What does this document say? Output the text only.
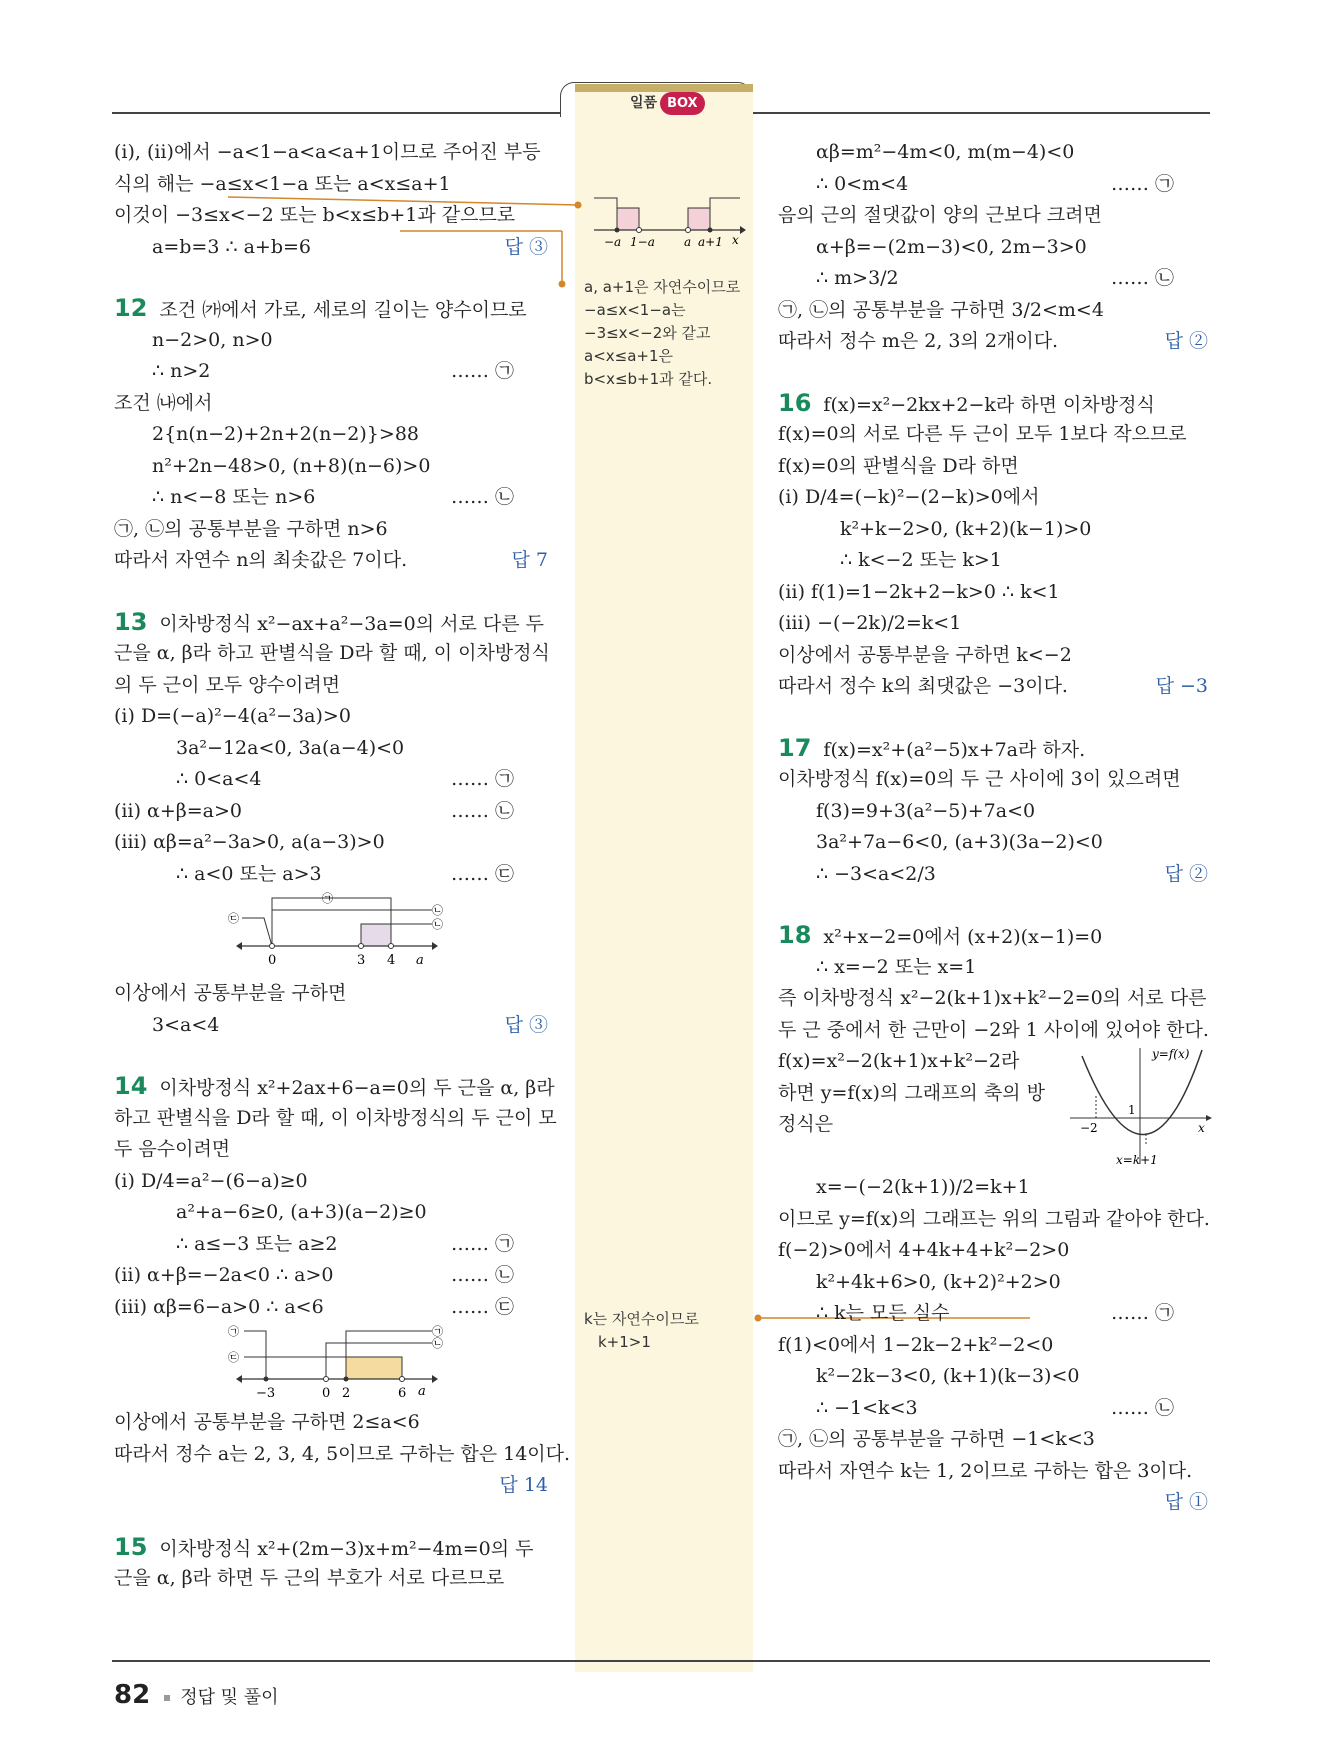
일품 BOX
−a 1−a a a+1 x
a, a+1은 자연수이므로
−a≤x<1−a는
−3≤x<−2와 같고
a<x≤a+1은
b<x≤b+1과 같다.
k는 자연수이므로
k+1>1
(ⅰ), (ⅱ)에서 −a<1−a<a<a+1이므로 주어진 부등
식의 해는 −a≤x<1−a 또는 a<x≤a+1
이것이 −3≤x<−2 또는 b<x≤b+1과 같으므로
a=b=3 ∴ a+b=6	답 ③
12 조건 ㈎에서 가로, 세로의 길이는 양수이므로
n−2>0, n>0
∴ n>2	…… ㉠
조건 ㈏에서
2{n(n−2)+2n+2(n−2)}>88
n²+2n−48>0, (n+8)(n−6)>0
∴ n<−8 또는 n>6	…… ㉡
㉠, ㉡의 공통부분을 구하면 n>6
따라서 자연수 n의 최솟값은 7이다.	답 7
13 이차방정식 x²−ax+a²−3a=0의 서로 다른 두
근을 α, β라 하고 판별식을 D라 할 때, 이 이차방정식
의 두 근이 모두 양수이려면
(ⅰ) D=(−a)²−4(a²−3a)>0
3a²−12a<0, 3a(a−4)<0
∴ 0<a<4	…… ㉠
(ⅱ) α+β=a>0	…… ㉡
(ⅲ) αβ=a²−3a>0, a(a−3)>0
∴ a<0 또는 a>3	…… ㉢
㉠
㉡
㉢	㉡
0	3 4 a
이상에서 공통부분을 구하면
3<a<4	답 ③
14 이차방정식 x²+2ax+6−a=0의 두 근을 α, β라
하고 판별식을 D라 할 때, 이 이차방정식의 두 근이 모
두 음수이려면
(ⅰ) D/4=a²−(6−a)≥0
a²+a−6≥0, (a+3)(a−2)≥0
∴ a≤−3 또는 a≥2	…… ㉠
(ⅱ) α+β=−2a<0 ∴ a>0	…… ㉡
(ⅲ) αβ=6−a>0 ∴ a<6	…… ㉢
㉠	㉠
㉡
㉢
−3	0 2	6 a
이상에서 공통부분을 구하면 2≤a<6
따라서 정수 a는 2, 3, 4, 5이므로 구하는 합은 14이다.
답 14
15 이차방정식 x²+(2m−3)x+m²−4m=0의 두
근을 α, β라 하면 두 근의 부호가 서로 다르므로
αβ=m²−4m<0, m(m−4)<0
∴ 0<m<4	…… ㉠
음의 근의 절댓값이 양의 근보다 크려면
α+β=−(2m−3)<0, 2m−3>0
∴ m>3/2	…… ㉡
㉠, ㉡의 공통부분을 구하면 3/2<m<4
따라서 정수 m은 2, 3의 2개이다.	답 ②
16 f(x)=x²−2kx+2−k라 하면 이차방정식
f(x)=0의 서로 다른 두 근이 모두 1보다 작으므로
f(x)=0의 판별식을 D라 하면
(ⅰ) D/4=(−k)²−(2−k)>0에서
k²+k−2>0, (k+2)(k−1)>0
∴ k<−2 또는 k>1
(ⅱ) f(1)=1−2k+2−k>0 ∴ k<1
(ⅲ) −(−2k)/2=k<1
이상에서 공통부분을 구하면 k<−2
따라서 정수 k의 최댓값은 −3이다.	답 −3
17 f(x)=x²+(a²−5)x+7a라 하자.
이차방정식 f(x)=0의 두 근 사이에 3이 있으려면
f(3)=9+3(a²−5)+7a<0
3a²+7a−6<0, (a+3)(3a−2)<0
∴ −3<a<2/3	답 ②
18 x²+x−2=0에서 (x+2)(x−1)=0
∴ x=−2 또는 x=1
즉 이차방정식 x²−2(k+1)x+k²−2=0의 서로 다른
두 근 중에서 한 근만이 −2와 1 사이에 있어야 한다.
f(x)=x²−2(k+1)x+k²−2라
하면 y=f(x)의 그래프의 축의 방
정식은
y=f(x)
−2
1
x
x=k+1
x=−(−2(k+1))/2=k+1
이므로 y=f(x)의 그래프는 위의 그림과 같아야 한다.
f(−2)>0에서 4+4k+4+k²−2>0
k²+4k+6>0, (k+2)²+2>0
∴ k는 모든 실수	…… ㉠
f(1)<0에서 1−2k−2+k²−2<0
k²−2k−3<0, (k+1)(k−3)<0
∴ −1<k<3	…… ㉡
㉠, ㉡의 공통부분을 구하면 −1<k<3
따라서 자연수 k는 1, 2이므로 구하는 합은 3이다.
답 ①
82 정답 및 풀이
